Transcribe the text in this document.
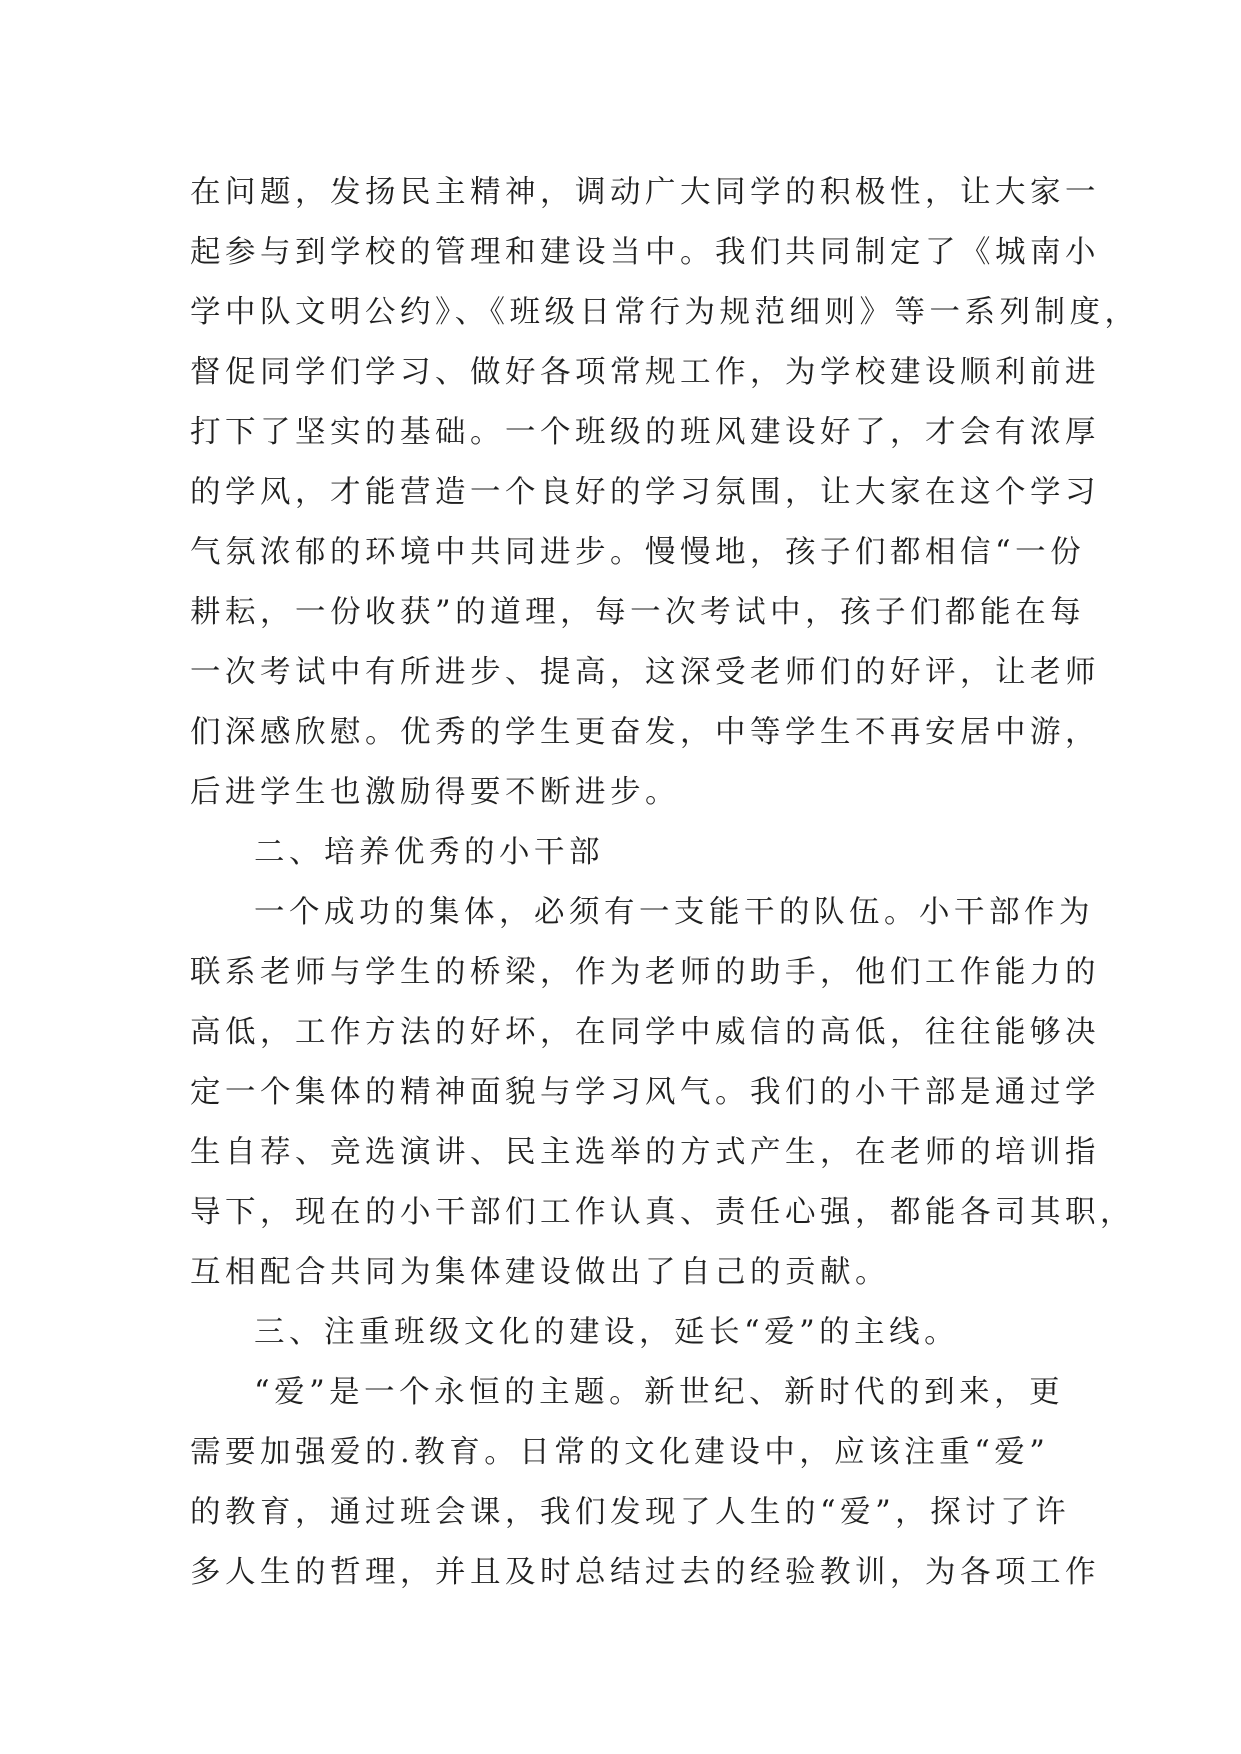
在问题，发扬民主精神，调动广大同学的积极性，让大家一
起参与到学校的管理和建设当中。我们共同制定了《城南小
学中队文明公约》、《班级日常行为规范细则》等一系列制度，
督促同学们学习、做好各项常规工作，为学校建设顺利前进
打下了坚实的基础。一个班级的班风建设好了，才会有浓厚
的学风，才能营造一个良好的学习氛围，让大家在这个学习
气氛浓郁的环境中共同进步。慢慢地，孩子们都相信“一份
耕耘，一份收获”的道理，每一次考试中，孩子们都能在每
一次考试中有所进步、提高，这深受老师们的好评，让老师
们深感欣慰。优秀的学生更奋发，中等学生不再安居中游，
后进学生也激励得要不断进步。
二、培养优秀的小干部
一个成功的集体，必须有一支能干的队伍。小干部作为
联系老师与学生的桥梁，作为老师的助手，他们工作能力的
高低，工作方法的好坏，在同学中威信的高低，往往能够决
定一个集体的精神面貌与学习风气。我们的小干部是通过学
生自荐、竞选演讲、民主选举的方式产生，在老师的培训指
导下，现在的小干部们工作认真、责任心强，都能各司其职，
互相配合共同为集体建设做出了自己的贡献。
三、注重班级文化的建设，延长“爱”的主线。
“爱”是一个永恒的主题。新世纪、新时代的到来，更
需要加强爱的.教育。日常的文化建设中，应该注重“爱”
的教育，通过班会课，我们发现了人生的“爱”，探讨了许
多人生的哲理，并且及时总结过去的经验教训，为各项工作
